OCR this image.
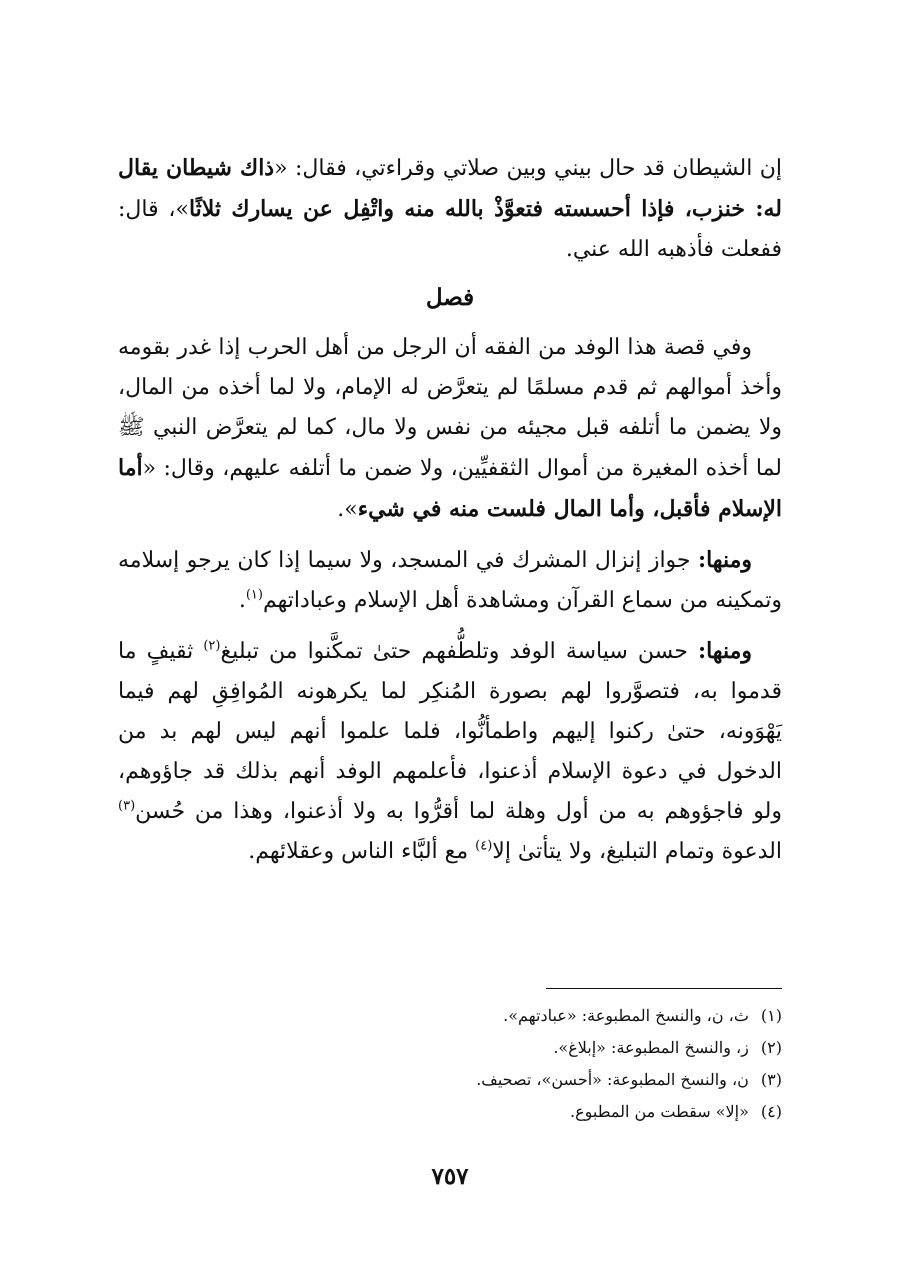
إن الشيطان قد حال بيني وبين صلاتي وقراءتي، فقال: «ذاك شيطان يقال له: خنزب، فإذا أحسسته فتعوَّذْ بالله منه واتْفِل عن يسارك ثلاثًا»، قال: ففعلت فأذهبه الله عني.

فصل

وفي قصة هذا الوفد من الفقه أن الرجل من أهل الحرب إذا غدر بقومه وأخذ أموالهم ثم قدم مسلمًا لم يتعرَّض له الإمام، ولا لما أخذه من المال، ولا يضمن ما أتلفه قبل مجيئه من نفس ولا مال، كما لم يتعرَّض النبي ﷺ لما أخذه المغيرة من أموال الثقفيِّين، ولا ضمن ما أتلفه عليهم، وقال: «أما الإسلام فأقبل، وأما المال فلست منه في شيء».

ومنها: جواز إنزال المشرك في المسجد، ولا سيما إذا كان يرجو إسلامه وتمكينه من سماع القرآن ومشاهدة أهل الإسلام وعباداتهم$^{(١)}$.

ومنها: حسن سياسة الوفد وتلطُّفهم حتىٰ تمكَّنوا من تبليغ$^{(٢)}$ ثقيفٍ ما قدموا به، فتصوَّروا لهم بصورة المُنكِر لما يكرهونه المُوافِقِ لهم فيما يَهْوَونه، حتىٰ ركنوا إليهم واطمأنُّوا، فلما علموا أنهم ليس لهم بد من الدخول في دعوة الإسلام أذعنوا، فأعلمهم الوفد أنهم بذلك قد جاؤوهم، ولو فاجؤوهم به من أول وهلة لما أقرُّوا به ولا أذعنوا، وهذا من حُسن$^{(٣)}$ الدعوة وتمام التبليغ، ولا يتأتىٰ إلا$^{(٤)}$ مع ألبَّاء الناس وعقلائهم.

(١)ث، ن، والنسخ المطبوعة: «عبادتهم».

(٢)ز، والنسخ المطبوعة: «إبلاغ».

(٣)ن، والنسخ المطبوعة: «أحسن»، تصحيف.

(٤)«إلا» سقطت من المطبوع.

٧٥٧
